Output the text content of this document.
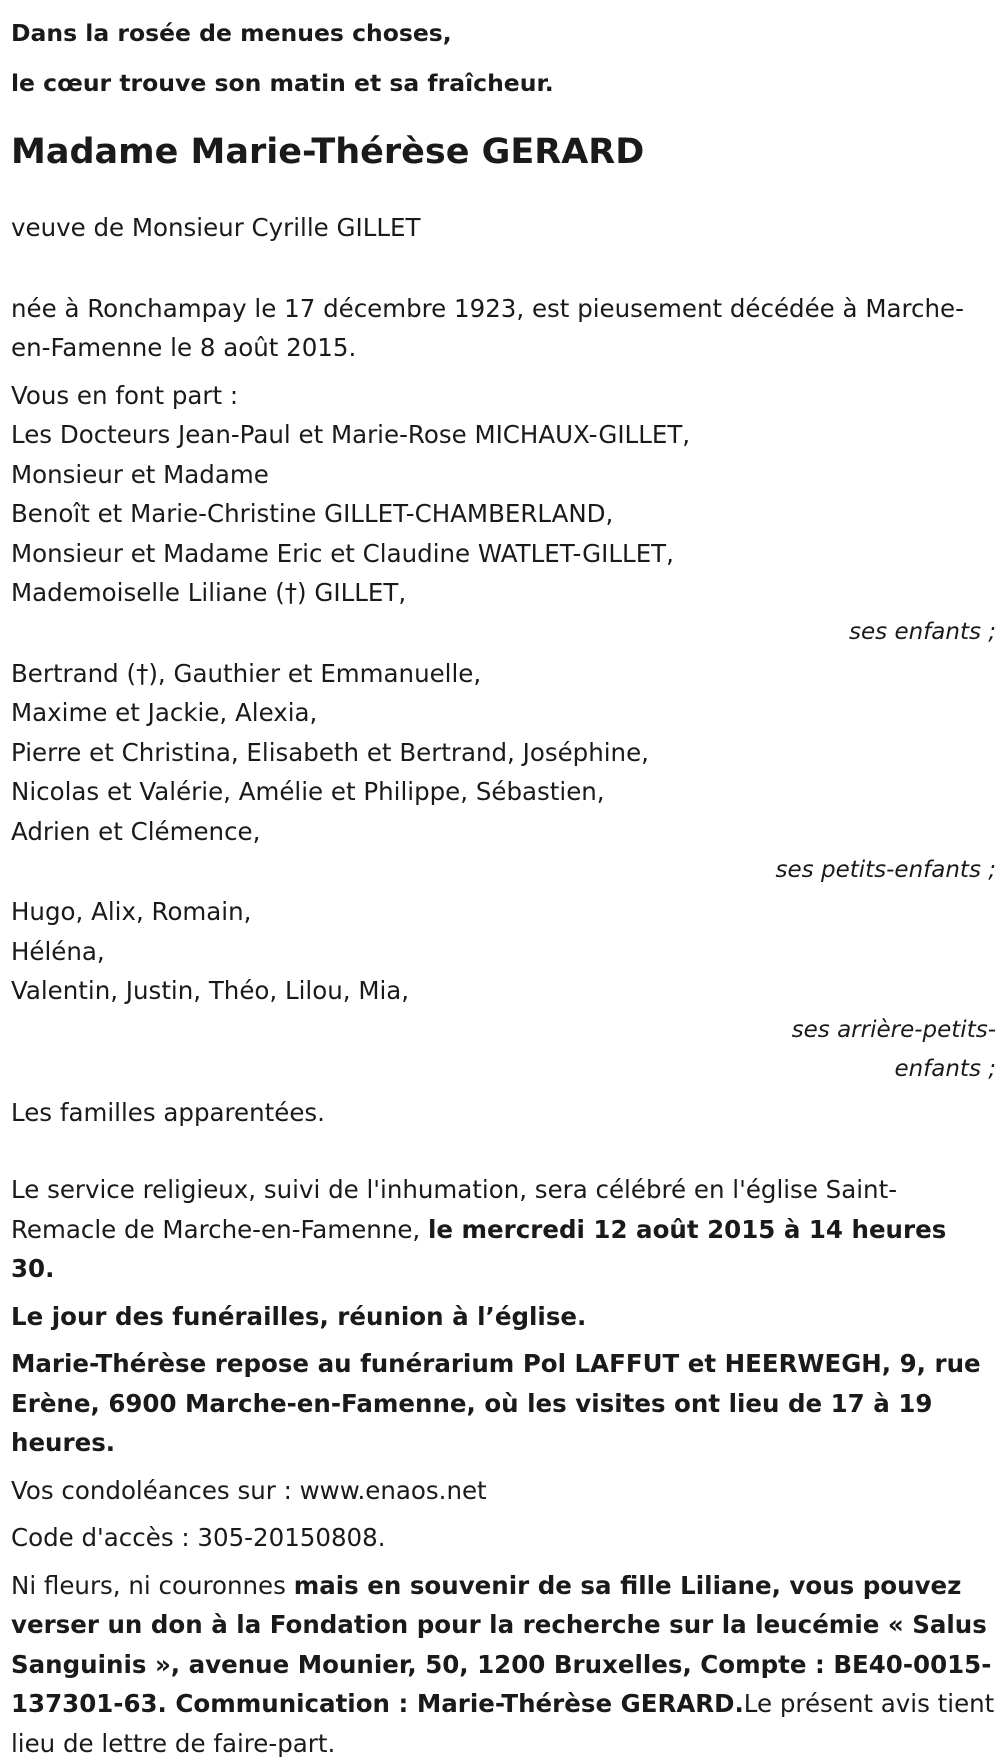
Dans la rosée de menues choses,
le cœur trouve son matin et sa fraîcheur.
Madame Marie-Thérèse GERARD
veuve de Monsieur Cyrille GILLET
née à Ronchampay le 17 décembre 1923, est pieusement décédée à Marche-en-Famenne le 8 août 2015.
Vous en font part :
Les Docteurs Jean-Paul et Marie-Rose MICHAUX-GILLET,
Monsieur et Madame
Benoît et Marie-Christine GILLET-CHAMBERLAND,
Monsieur et Madame Eric et Claudine WATLET-GILLET,
Mademoiselle Liliane (†) GILLET,
ses enfants ;
Bertrand (†), Gauthier et Emmanuelle,
Maxime et Jackie, Alexia,
Pierre et Christina, Elisabeth et Bertrand, Joséphine,
Nicolas et Valérie, Amélie et Philippe, Sébastien,
Adrien et Clémence,
ses petits-enfants ;
Hugo, Alix, Romain,
Héléna,
Valentin, Justin, Théo, Lilou, Mia,
ses arrière-petits-
enfants ;
Les familles apparentées.
Le service religieux, suivi de l'inhumation, sera célébré en l'église Saint-Remacle de Marche-en-Famenne, le mercredi 12 août 2015 à 14 heures 30.
Le jour des funérailles, réunion à l’église.
Marie-Thérèse repose au funérarium Pol LAFFUT et HEERWEGH, 9, rue Erène, 6900 Marche-en-Famenne, où les visites ont lieu de 17 à 19 heures.
Vos condoléances sur : www.enaos.net
Code d'accès : 305-20150808.
Ni fleurs, ni couronnes mais en souvenir de sa fille Liliane, vous pouvez verser un don à la Fondation pour la recherche sur la leucémie « Salus Sanguinis », avenue Mounier, 50, 1200 Bruxelles, Compte : BE40-0015-137301-63. Communication : Marie-Thérèse GERARD.Le présent avis tient lieu de lettre de faire-part.
